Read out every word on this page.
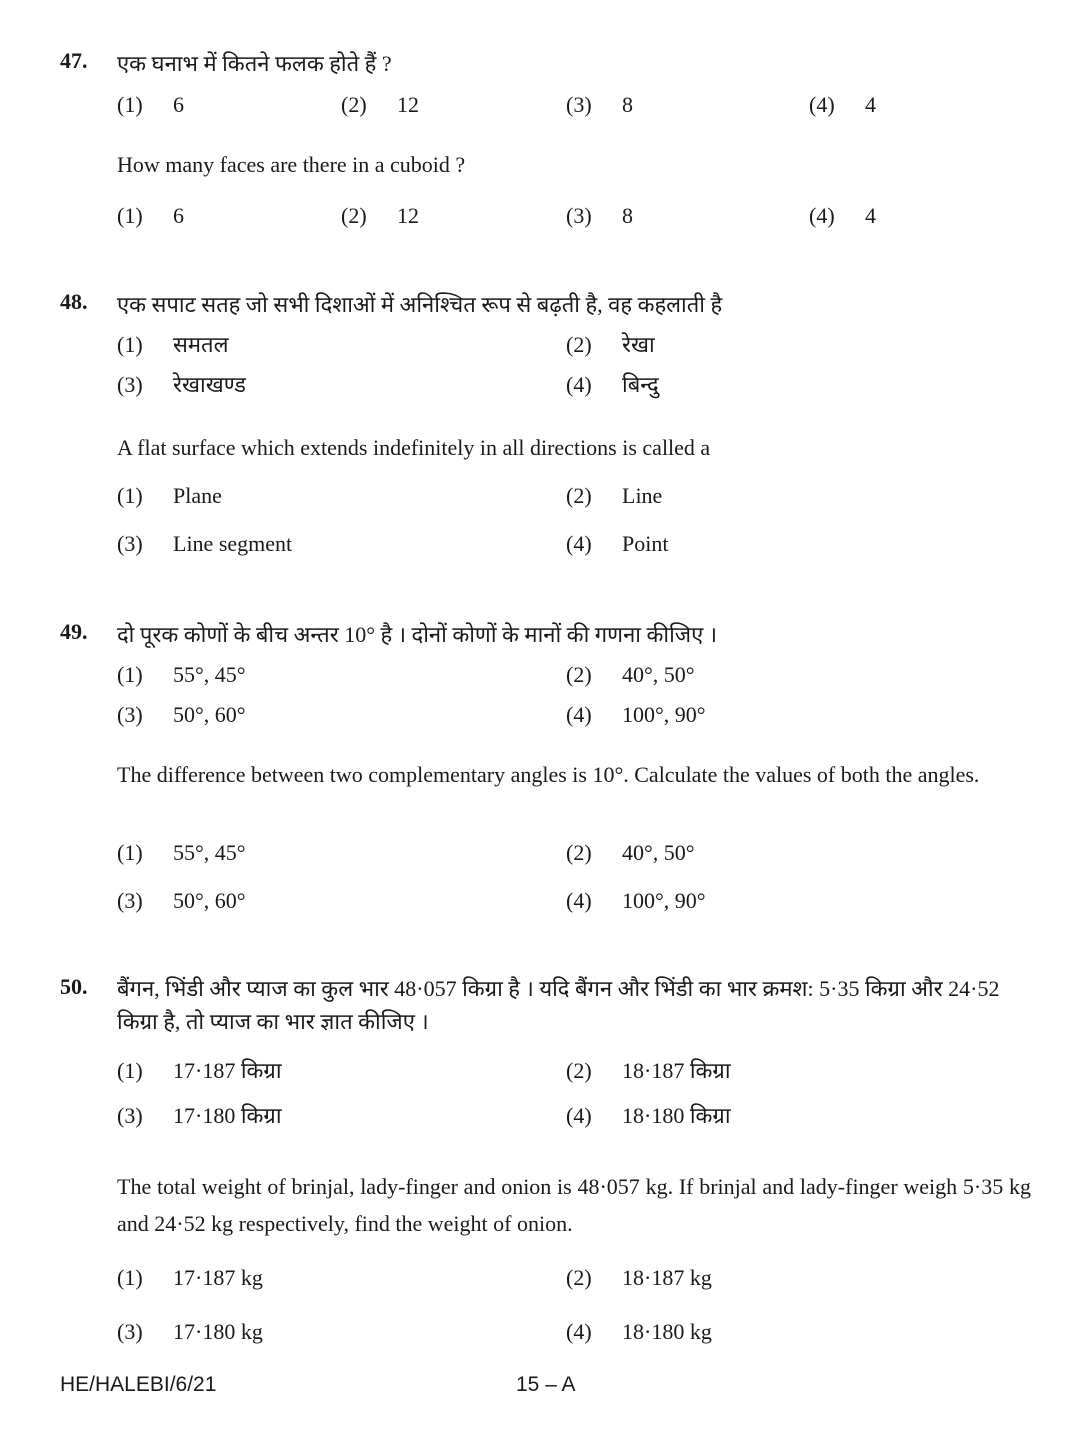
47. एक घनाभ में कितने फलक होते हैं ?
(1) 6	(2) 12	(3) 8	(4) 4
How many faces are there in a cuboid ?
(1) 6	(2) 12	(3) 8	(4) 4
48. एक सपाट सतह जो सभी दिशाओं में अनिश्चित रूप से बढ़ती है, वह कहलाती है
(1) समतल	(2) रेखा
(3) रेखाखण्ड	(4) बिन्दु
A flat surface which extends indefinitely in all directions is called a
(1) Plane	(2) Line
(3) Line segment	(4) Point
49. दो पूरक कोणों के बीच अन्तर 10° है । दोनों कोणों के मानों की गणना कीजिए ।
(1) 55°, 45°	(2) 40°, 50°
(3) 50°, 60°	(4) 100°, 90°
The difference between two complementary angles is 10°. Calculate the values of both the angles.
(1) 55°, 45°	(2) 40°, 50°
(3) 50°, 60°	(4) 100°, 90°
50. बैंगन, भिंडी और प्याज का कुल भार 48·057 किग्रा है । यदि बैंगन और भिंडी का भार क्रमश: 5·35 किग्रा और 24·52 किग्रा है, तो प्याज का भार ज्ञात कीजिए ।
(1) 17·187 किग्रा	(2) 18·187 किग्रा
(3) 17·180 किग्रा	(4) 18·180 किग्रा
The total weight of brinjal, lady-finger and onion is 48·057 kg. If brinjal and lady-finger weigh 5·35 kg and 24·52 kg respectively, find the weight of onion.
(1) 17·187 kg	(2) 18·187 kg
(3) 17·180 kg	(4) 18·180 kg
HE/HALEBI/6/21	15 – A
